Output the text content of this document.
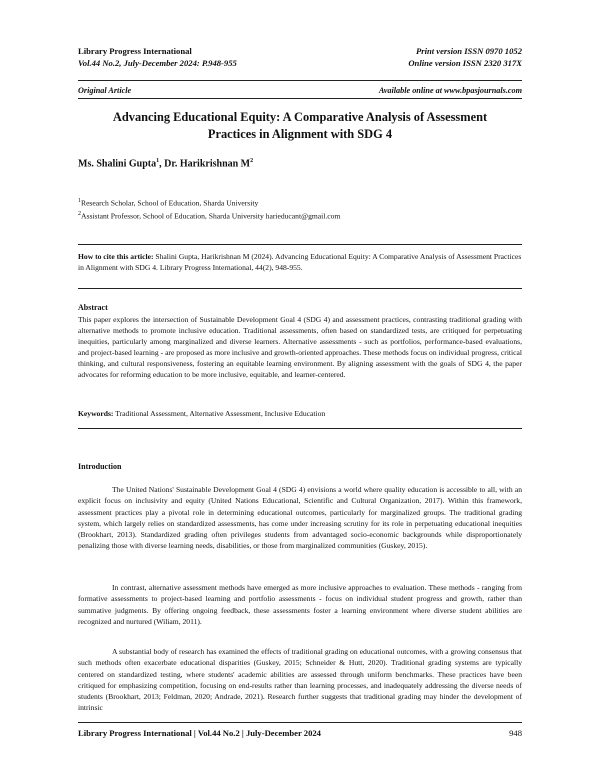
Library Progress International	Print version ISSN 0970 1052
Vol.44 No.2, July-December 2024: P.948-955	Online version ISSN 2320 317X
Original Article	Available online at www.bpasjournals.com
Advancing Educational Equity: A Comparative Analysis of Assessment Practices in Alignment with SDG 4
Ms. Shalini Gupta$^1$, Dr. Harikrishnan $M^2$
$^1$Research Scholar, School of Education, Sharda University
$^2$Assistant Professor, School of Education, Sharda University harieducant@gmail.com
How to cite this article: Shalini Gupta, Harikrishnan M (2024). Advancing Educational Equity: A Comparative Analysis of Assessment Practices in Alignment with SDG 4. Library Progress International, 44(2), 948-955.
Abstract
This paper explores the intersection of Sustainable Development Goal 4 (SDG 4) and assessment practices, contrasting traditional grading with alternative methods to promote inclusive education. Traditional assessments, often based on standardized tests, are critiqued for perpetuating inequities, particularly among marginalized and diverse learners. Alternative assessments - such as portfolios, performance-based evaluations, and project-based learning - are proposed as more inclusive and growth-oriented approaches. These methods focus on individual progress, critical thinking, and cultural responsiveness, fostering an equitable learning environment. By aligning assessment with the goals of SDG 4, the paper advocates for reforming education to be more inclusive, equitable, and learner-centered.
Keywords: Traditional Assessment, Alternative Assessment, Inclusive Education
Introduction
The United Nations' Sustainable Development Goal 4 (SDG 4) envisions a world where quality education is accessible to all, with an explicit focus on inclusivity and equity (United Nations Educational, Scientific and Cultural Organization, 2017). Within this framework, assessment practices play a pivotal role in determining educational outcomes, particularly for marginalized groups. The traditional grading system, which largely relies on standardized assessments, has come under increasing scrutiny for its role in perpetuating educational inequities (Brookhart, 2013). Standardized grading often privileges students from advantaged socio-economic backgrounds while disproportionately penalizing those with diverse learning needs, disabilities, or those from marginalized communities (Guskey, 2015).
In contrast, alternative assessment methods have emerged as more inclusive approaches to evaluation. These methods - ranging from formative assessments to project-based learning and portfolio assessments - focus on individual student progress and growth, rather than summative judgments. By offering ongoing feedback, these assessments foster a learning environment where diverse student abilities are recognized and nurtured (Wiliam, 2011).
A substantial body of research has examined the effects of traditional grading on educational outcomes, with a growing consensus that such methods often exacerbate educational disparities (Guskey, 2015; Schneider & Hutt, 2020). Traditional grading systems are typically centered on standardized testing, where students' academic abilities are assessed through uniform benchmarks. These practices have been critiqued for emphasizing competition, focusing on end-results rather than learning processes, and inadequately addressing the diverse needs of students (Brookhart, 2013; Feldman, 2020; Andrade, 2021). Research further suggests that traditional grading may hinder the development of intrinsic
Library Progress International | Vol.44 No.2 | July-December 2024	948
